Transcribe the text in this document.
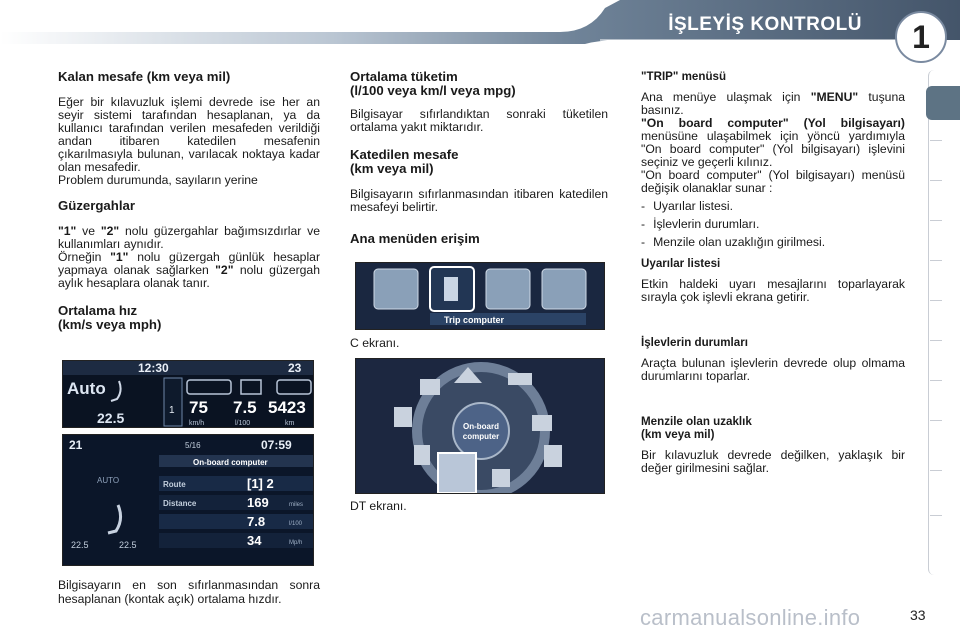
İŞLEYİŞ KONTROLÜ	1
Kalan mesafe (km veya mil)

Eğer bir kılavuzluk işlemi devrede ise her an seyir sistemi tarafından hesaplanan, ya da kullanıcı tarafından verilen mesafeden verildiği andan itibaren katedilen mesafenin çıkarılmasıyla bulunan, varılacak noktaya kadar olan mesafedir.

Problem durumunda, sayıların yerine

Güzergahlar

"1" ve "2" nolu güzergahlar bağımsızdırlar ve kullanımları aynıdır.

Örneğin "1" nolu güzergah günlük hesaplar yapmaya olanak sağlarken "2" nolu güzergah aylık hesaplara olanak tanır.

Ortalama hız
(km/s veya mph)
12:30	23
Auto
22.5	1 75
km/h
7.5
l/100
5423
km
21	5/16	07:59
On-board computer
AUTO	Route	[1] 2
Distance	169	miles
7.8	l/100
34	Mp/h
22.5	22.5
Bilgisayarın en son sıfırlanmasından sonra hesaplanan (kontak açık) ortalama hızdır.
Ortalama tüketim
(l/100 veya km/l veya mpg)

Bilgisayar sıfırlandıktan sonraki tüketilen ortalama yakıt miktarıdır.

Katedilen mesafe
(km veya mil)

Bilgisayarın sıfırlanmasından itibaren katedilen mesafeyi belirtir.

Ana menüden erişim
Trip computer
C ekranı.
On-board
computer
DT ekranı.
"TRIP" menüsü

Ana menüye ulaşmak için "MENU" tuşuna basınız.

"On board computer" (Yol bilgisayarı) menüsüne ulaşabilmek için yöncü yardımıyla "On board computer" (Yol bilgisayarı) işlevini seçiniz ve geçerli kılınız.

"On board computer" (Yol bilgisayarı) menüsü değişik olanaklar sunar :

- Uyarılar listesi.
- İşlevlerin durumları.
- Menzile olan uzaklığın girilmesi.
Uyarılar listesi

Etkin haldeki uyarı mesajlarını toparlayarak sırayla çok işlevli ekrana getirir.

İşlevlerin durumları

Araçta bulunan işlevlerin devrede olup olmama durumlarını toparlar.

Menzile olan uzaklık
(km veya mil)

Bir kılavuzluk devrede değilken, yaklaşık bir değer girilmesini sağlar.

carmanualsonline.info	33
